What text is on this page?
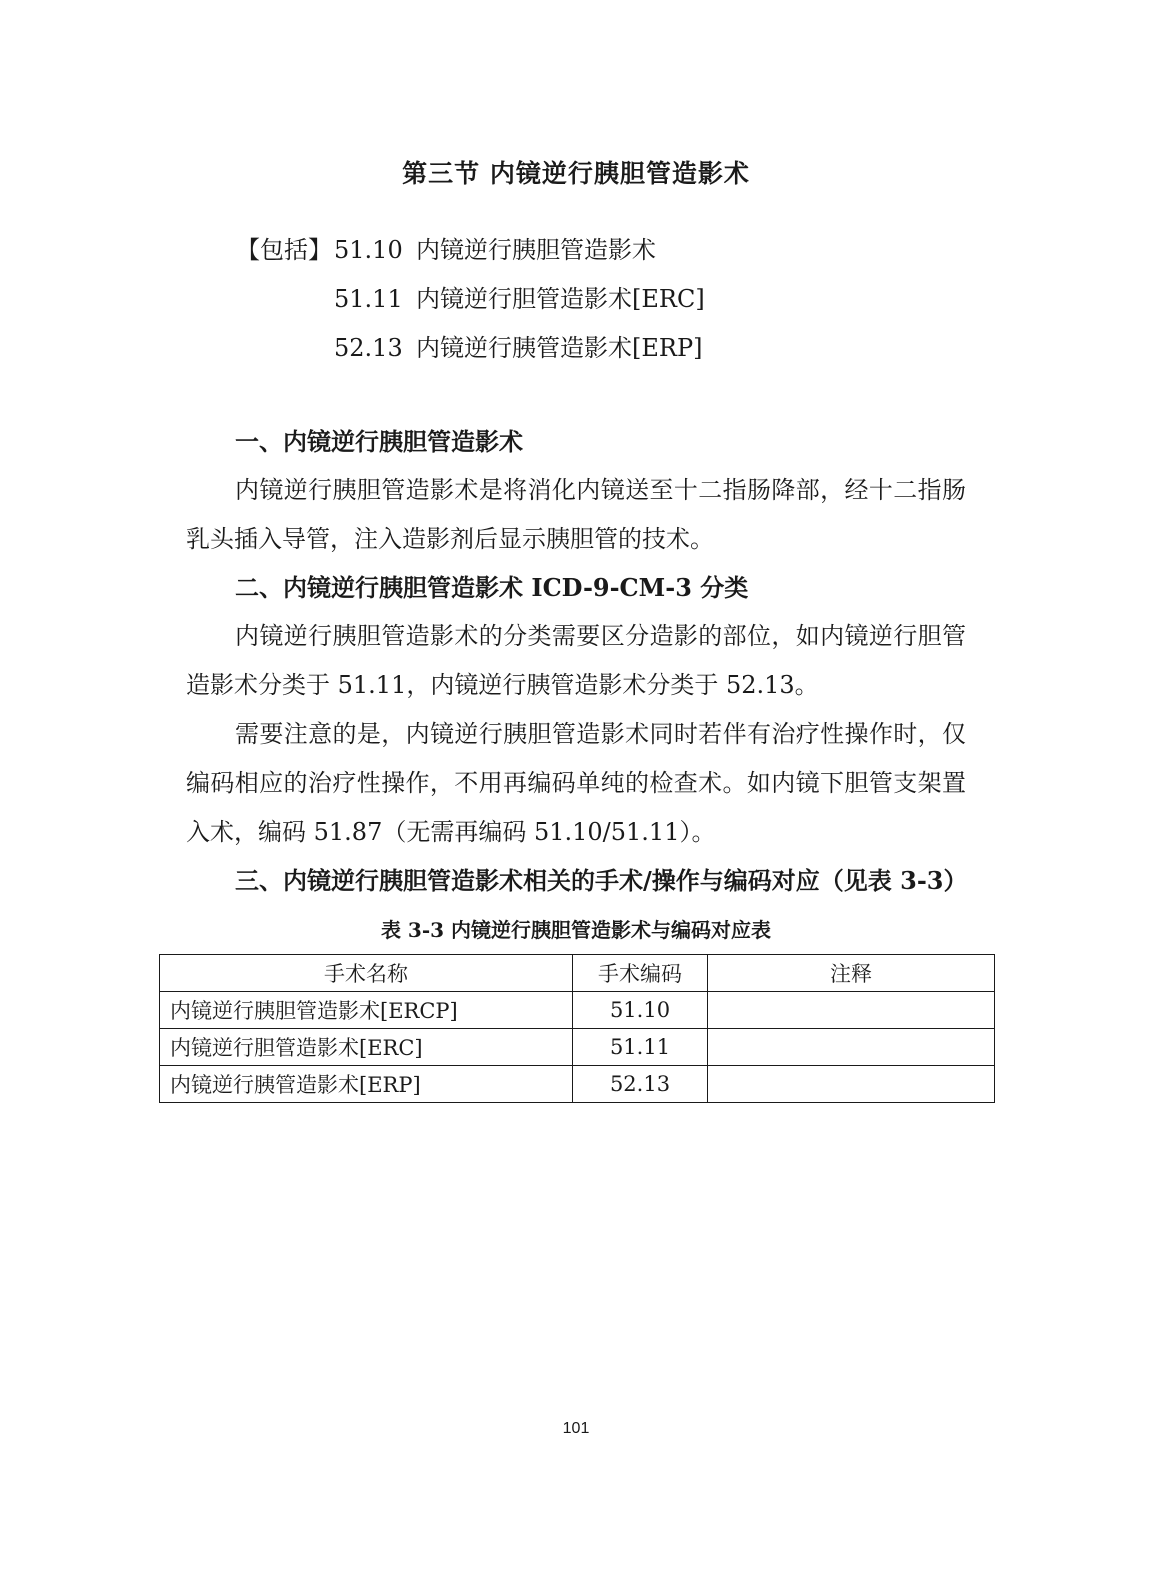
第三节 内镜逆行胰胆管造影术
【包括】 51.10 内镜逆行胰胆管造影术
51.11 内镜逆行胆管造影术[ERC]
52.13 内镜逆行胰管造影术[ERP]
一、内镜逆行胰胆管造影术

内镜逆行胰胆管造影术是将消化内镜送至十二指肠降部，经十二指肠乳头插入导管，注入造影剂后显示胰胆管的技术。

二、内镜逆行胰胆管造影术 ICD-9-CM-3 分类

内镜逆行胰胆管造影术的分类需要区分造影的部位，如内镜逆行胆管造影术分类于 51.11，内镜逆行胰管造影术分类于 52.13。

需要注意的是，内镜逆行胰胆管造影术同时若伴有治疗性操作时，仅编码相应的治疗性操作，不用再编码单纯的检查术。如内镜下胆管支架置入术，编码 51.87（无需再编码 51.10/51.11）。

三、内镜逆行胰胆管造影术相关的手术/操作与编码对应（见表 3-3）

表 3-3 内镜逆行胰胆管造影术与编码对应表

手术名称	手术编码	注释
内镜逆行胰胆管造影术[ERCP]	51.10	
内镜逆行胆管造影术[ERC]	51.11	
内镜逆行胰管造影术[ERP]	52.13	
101
